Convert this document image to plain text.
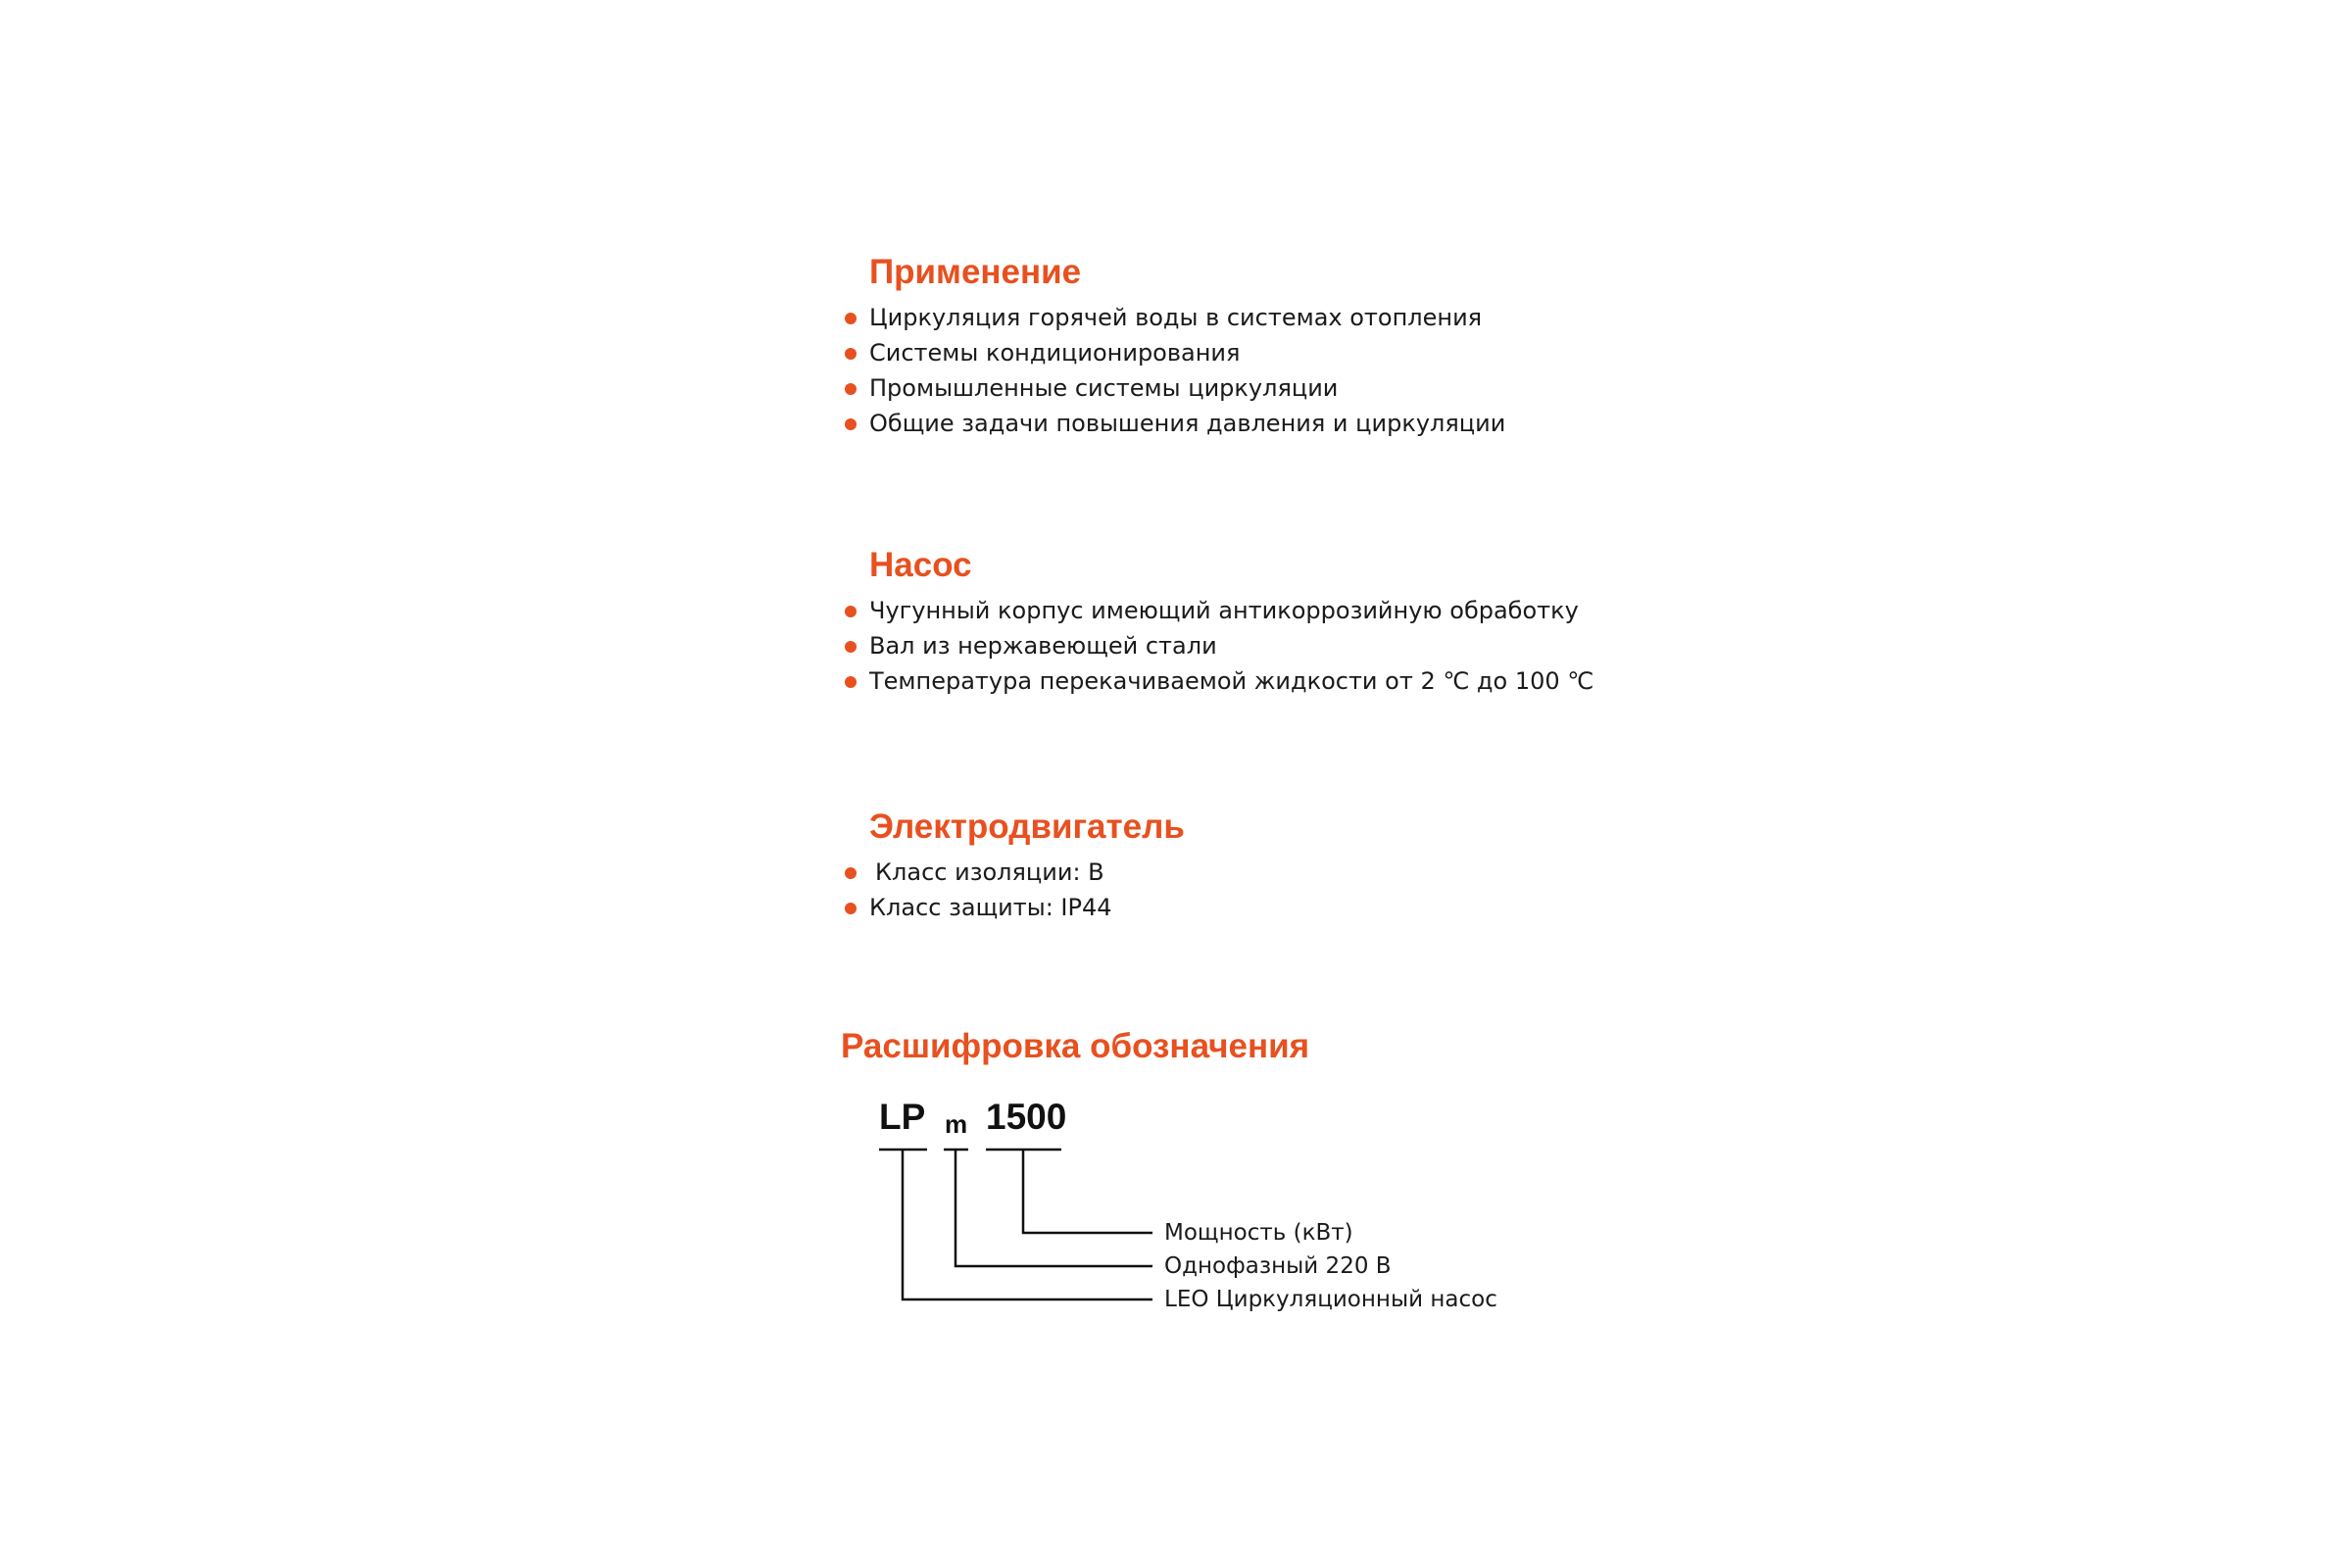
Применение
Циркуляция горячей воды в системах отопления
Системы кондиционирования
Промышленные системы циркуляции
Общие задачи повышения давления и циркуляции
Насос
Чугунный корпус имеющий антикоррозийную обработку
Вал из нержавеющей стали
Температура перекачиваемой жидкости от 2 ℃ до 100 ℃
Электродвигатель
Класс изоляции: B
Класс защиты: IP44
Расшифровка обозначения
LP m 1500
Мощность (кВт)
Однофазный 220 В
LEO Циркуляционный насос
